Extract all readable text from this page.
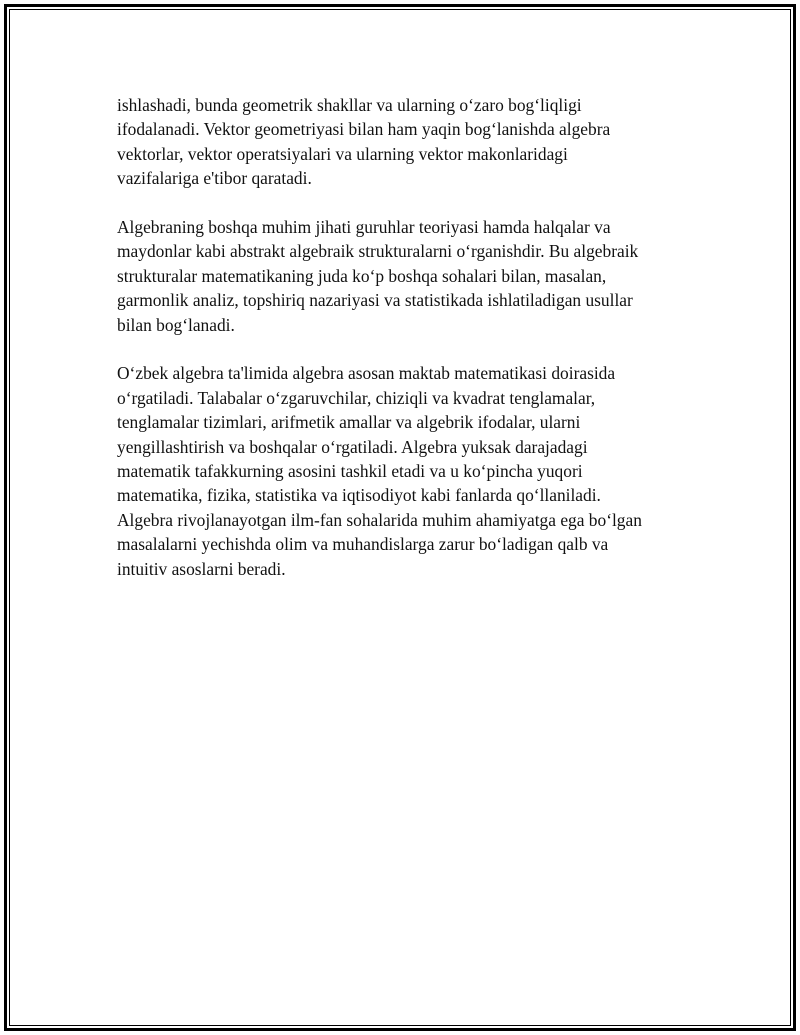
ishlashadi, bunda geometrik shakllar va ularning o‘zaro bog‘liqligi
ifodalanadi. Vektor geometriyasi bilan ham yaqin bog‘lanishda algebra
vektorlar, vektor operatsiyalari va ularning vektor makonlaridagi
vazifalariga e'tibor qaratadi.

Algebraning boshqa muhim jihati guruhlar teoriyasi hamda halqalar va
maydonlar kabi abstrakt algebraik strukturalarni o‘rganishdir. Bu algebraik
strukturalar matematikaning juda ko‘p boshqa sohalari bilan, masalan,
garmonlik analiz, topshiriq nazariyasi va statistikada ishlatiladigan usullar
bilan bog‘lanadi.

O‘zbek algebra ta'limida algebra asosan maktab matematikasi doirasida
o‘rgatiladi. Talabalar o‘zgaruvchilar, chiziqli va kvadrat tenglamalar,
tenglamalar tizimlari, arifmetik amallar va algebrik ifodalar, ularni
yengillashtirish va boshqalar o‘rgatiladi. Algebra yuksak darajadagi
matematik tafakkurning asosini tashkil etadi va u ko‘pincha yuqori
matematika, fizika, statistika va iqtisodiyot kabi fanlarda qo‘llaniladi.
Algebra rivojlanayotgan ilm-fan sohalarida muhim ahamiyatga ega bo‘lgan
masalalarni yechishda olim va muhandislarga zarur bo‘ladigan qalb va
intuitiv asoslarni beradi.
